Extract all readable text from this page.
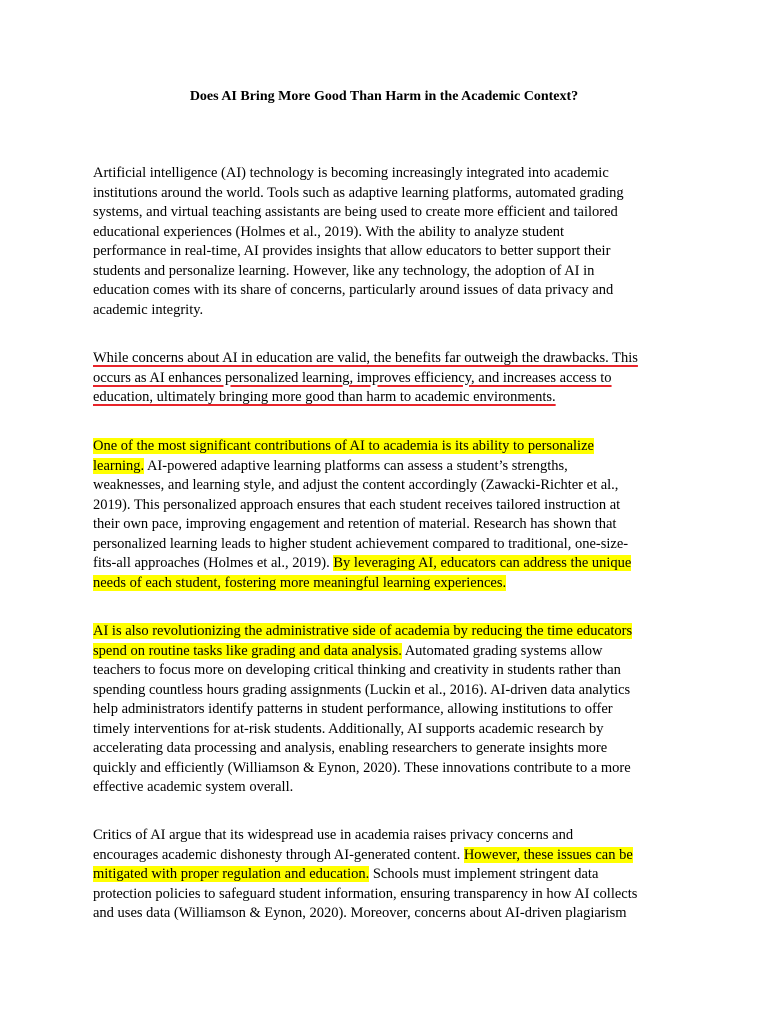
Does AI Bring More Good Than Harm in the Academic Context?
Artificial intelligence (AI) technology is becoming increasingly integrated into academic
institutions around the world. Tools such as adaptive learning platforms, automated grading
systems, and virtual teaching assistants are being used to create more efficient and tailored
educational experiences (Holmes et al., 2019). With the ability to analyze student
performance in real-time, AI provides insights that allow educators to better support their
students and personalize learning. However, like any technology, the adoption of AI in
education comes with its share of concerns, particularly around issues of data privacy and
academic integrity.
While concerns about AI in education are valid, the benefits far outweigh the drawbacks. This
occurs as AI enhances personalized learning, improves efficiency, and increases access to
education, ultimately bringing more good than harm to academic environments.
One of the most significant contributions of AI to academia is its ability to personalize
learning. AI-powered adaptive learning platforms can assess a student’s strengths,
weaknesses, and learning style, and adjust the content accordingly (Zawacki-Richter et al.,
2019). This personalized approach ensures that each student receives tailored instruction at
their own pace, improving engagement and retention of material. Research has shown that
personalized learning leads to higher student achievement compared to traditional, one-size-
fits-all approaches (Holmes et al., 2019). By leveraging AI, educators can address the unique
needs of each student, fostering more meaningful learning experiences.
AI is also revolutionizing the administrative side of academia by reducing the time educators
spend on routine tasks like grading and data analysis. Automated grading systems allow
teachers to focus more on developing critical thinking and creativity in students rather than
spending countless hours grading assignments (Luckin et al., 2016). AI-driven data analytics
help administrators identify patterns in student performance, allowing institutions to offer
timely interventions for at-risk students. Additionally, AI supports academic research by
accelerating data processing and analysis, enabling researchers to generate insights more
quickly and efficiently (Williamson & Eynon, 2020). These innovations contribute to a more
effective academic system overall.
Critics of AI argue that its widespread use in academia raises privacy concerns and
encourages academic dishonesty through AI-generated content. However, these issues can be
mitigated with proper regulation and education. Schools must implement stringent data
protection policies to safeguard student information, ensuring transparency in how AI collects
and uses data (Williamson & Eynon, 2020). Moreover, concerns about AI-driven plagiarism
